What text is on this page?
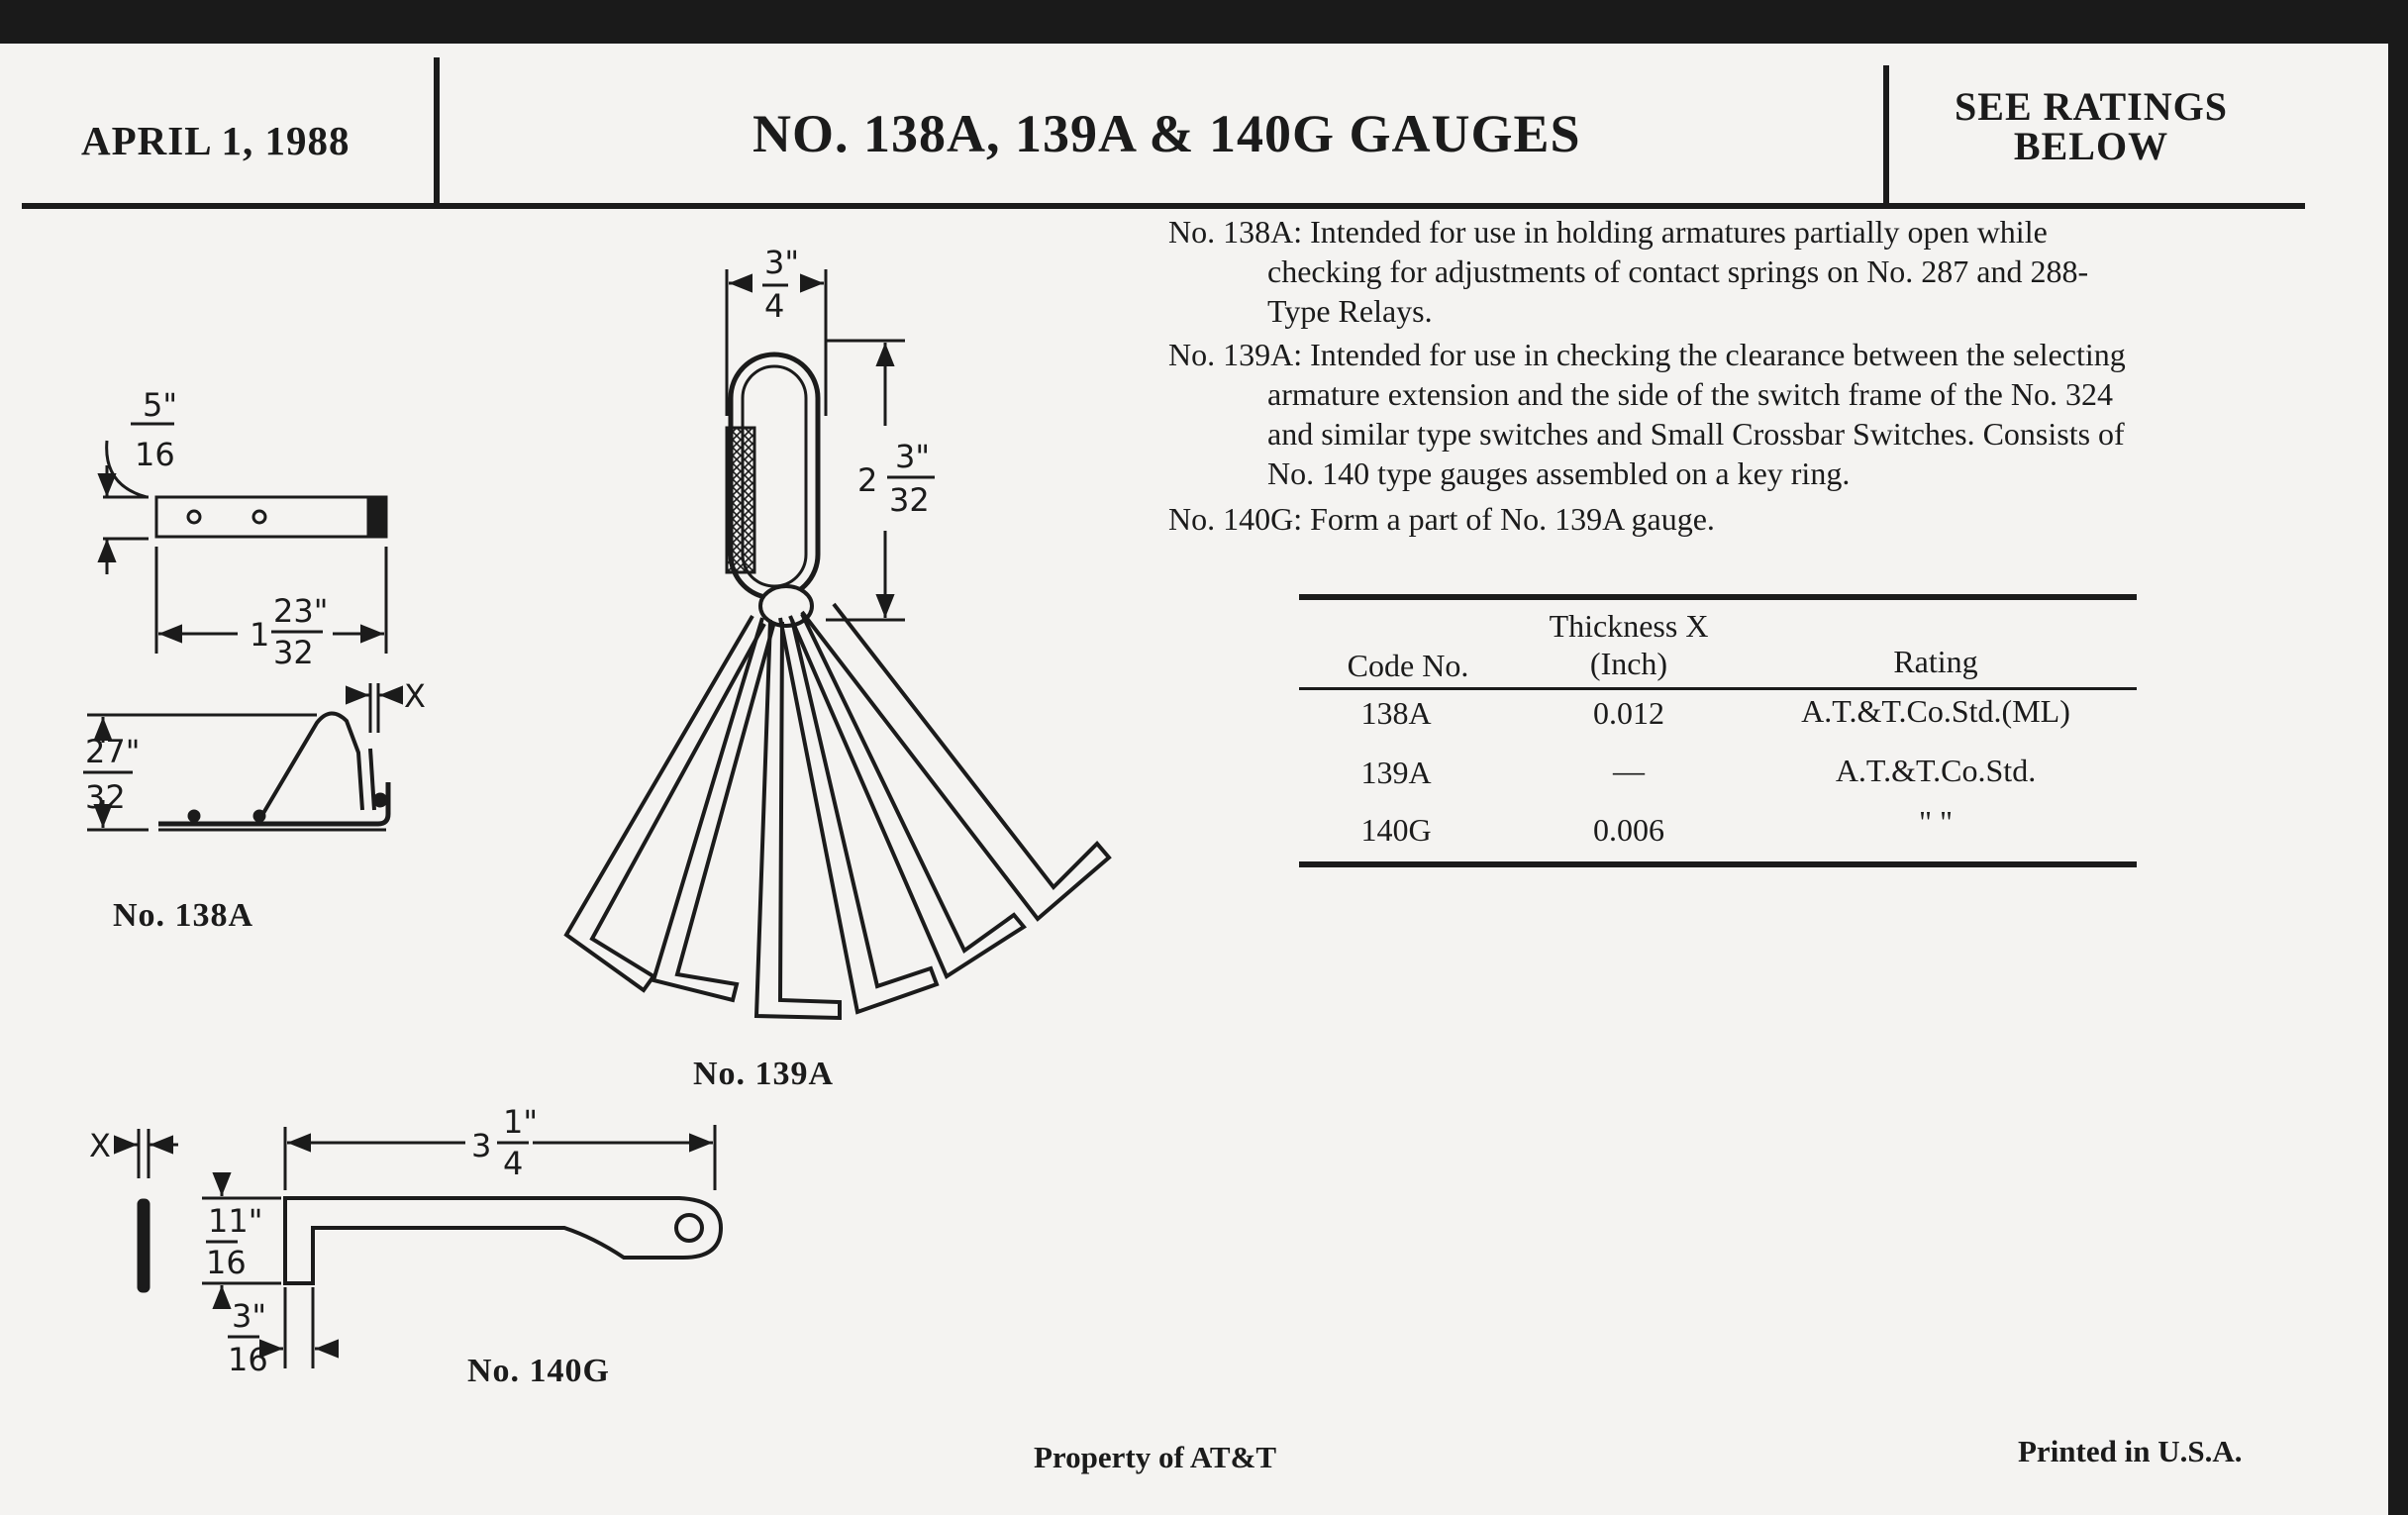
APRIL 1, 1988	NO. 138A, 139A & 140G GAUGES	SEE RATINGS
BELOW
No. 138A: Intended for use in holding armatures partially open while
checking for adjustments of contact springs on No. 287 and 288-
Type Relays.
No. 139A: Intended for use in checking the clearance between the selecting
armature extension and the side of the switch frame of the No. 324
and similar type switches and Small Crossbar Switches. Consists of
No. 140 type gauges assembled on a key ring.
No. 140G: Form a part of No. 139A gauge.
Code No.
Thickness X
(Inch)	Rating
138A	0.012	A.T.&T.Co.Std.(ML)
139A	—	A.T.&T.Co.Std.
140G	0.006	" "
No. 138A
No. 139A
No. 140G
Property of AT&T	Printed in U.S.A.
5"
16
1
23"
32
27"
32
X
3"
4
2
3"
32
X	3
1"
4
11"
16
3"
16
